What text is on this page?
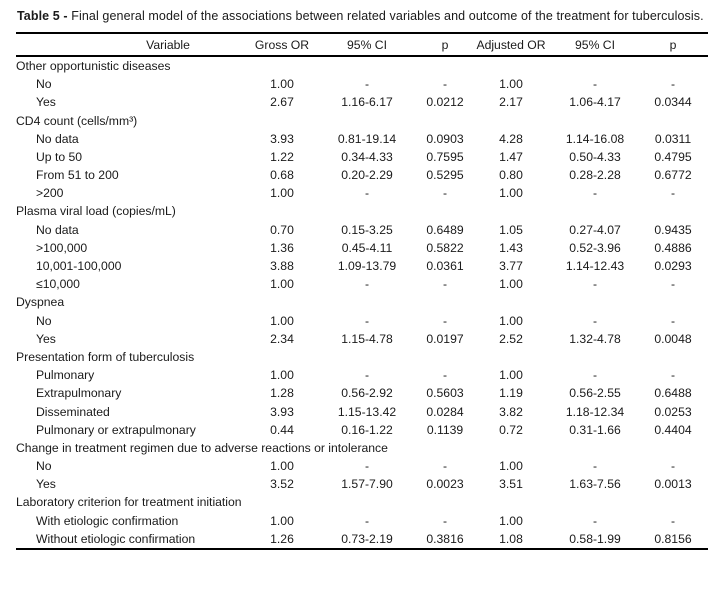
Table 5 - Final general model of the associations between related variables and outcome of the treatment for tuberculosis.

Variable	Gross OR	95% CI	p	Adjusted OR	95% CI	p
Other opportunistic diseases						
No	1.00	-	-	1.00	-	-
Yes	2.67	1.16-6.17	0.0212	2.17	1.06-4.17	0.0344
CD4 count (cells/mm³)						
No data	3.93	0.81-19.14	0.0903	4.28	1.14-16.08	0.0311
Up to 50	1.22	0.34-4.33	0.7595	1.47	0.50-4.33	0.4795
From 51 to 200	0.68	0.20-2.29	0.5295	0.80	0.28-2.28	0.6772
>200	1.00	-	-	1.00	-	-
Plasma viral load (copies/mL)						
No data	0.70	0.15-3.25	0.6489	1.05	0.27-4.07	0.9435
>100,000	1.36	0.45-4.11	0.5822	1.43	0.52-3.96	0.4886
10,001-100,000	3.88	1.09-13.79	0.0361	3.77	1.14-12.43	0.0293
≤10,000	1.00	-	-	1.00	-	-
Dyspnea						
No	1.00	-	-	1.00	-	-
Yes	2.34	1.15-4.78	0.0197	2.52	1.32-4.78	0.0048
Presentation form of tuberculosis						
Pulmonary	1.00	-	-	1.00	-	-
Extrapulmonary	1.28	0.56-2.92	0.5603	1.19	0.56-2.55	0.6488
Disseminated	3.93	1.15-13.42	0.0284	3.82	1.18-12.34	0.0253
Pulmonary or extrapulmonary	0.44	0.16-1.22	0.1139	0.72	0.31-1.66	0.4404
Change in treatment regimen due to adverse reactions or intolerance						
No	1.00	-	-	1.00	-	-
Yes	3.52	1.57-7.90	0.0023	3.51	1.63-7.56	0.0013
Laboratory criterion for treatment initiation						
With etiologic confirmation	1.00	-	-	1.00	-	-
Without etiologic confirmation	1.26	0.73-2.19	0.3816	1.08	0.58-1.99	0.8156
